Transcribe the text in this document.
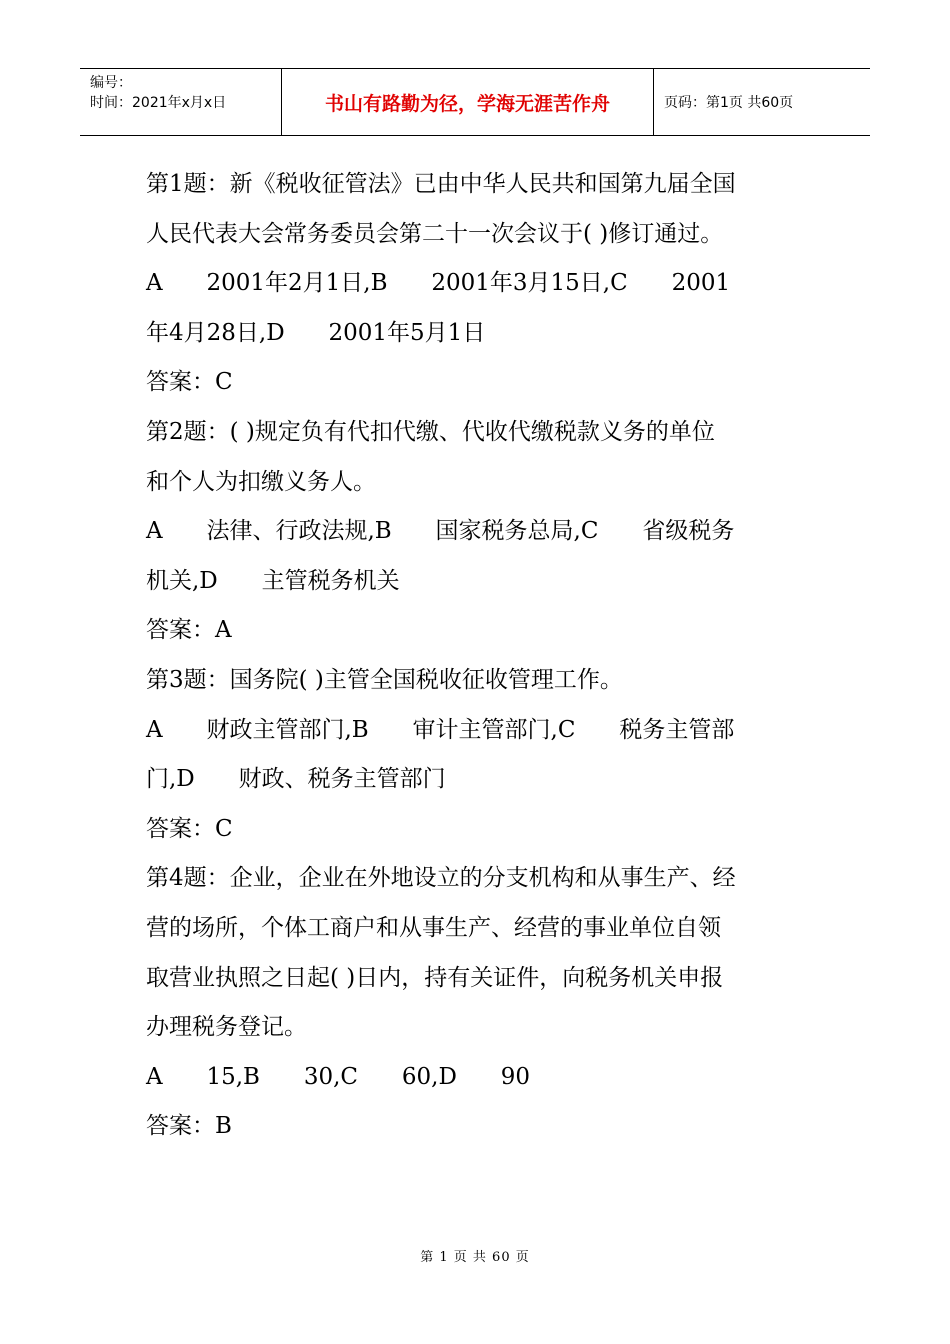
编号：
时间：2021年x月x日	书山有路勤为径，学海无涯苦作舟	页码：第1页 共60页

第1题：新《税收征管法》已由中华人民共和国第九届全国

人民代表大会常务委员会第二十一次会议于( )修订通过。

A      2001年2月1日,B      2001年3月15日,C      2001

年4月28日,D      2001年5月1日

答案：C

第2题：( )规定负有代扣代缴、代收代缴税款义务的单位

和个人为扣缴义务人。

A      法律、行政法规,B      国家税务总局,C      省级税务

机关,D      主管税务机关

答案：A

第3题：国务院( )主管全国税收征收管理工作。

A      财政主管部门,B      审计主管部门,C      税务主管部

门,D      财政、税务主管部门

答案：C

第4题：企业，企业在外地设立的分支机构和从事生产、经

营的场所，个体工商户和从事生产、经营的事业单位自领

取营业执照之日起( )日内，持有关证件，向税务机关申报

办理税务登记。

A      15,B      30,C      60,D      90

答案：B

第 1 页 共 60 页
